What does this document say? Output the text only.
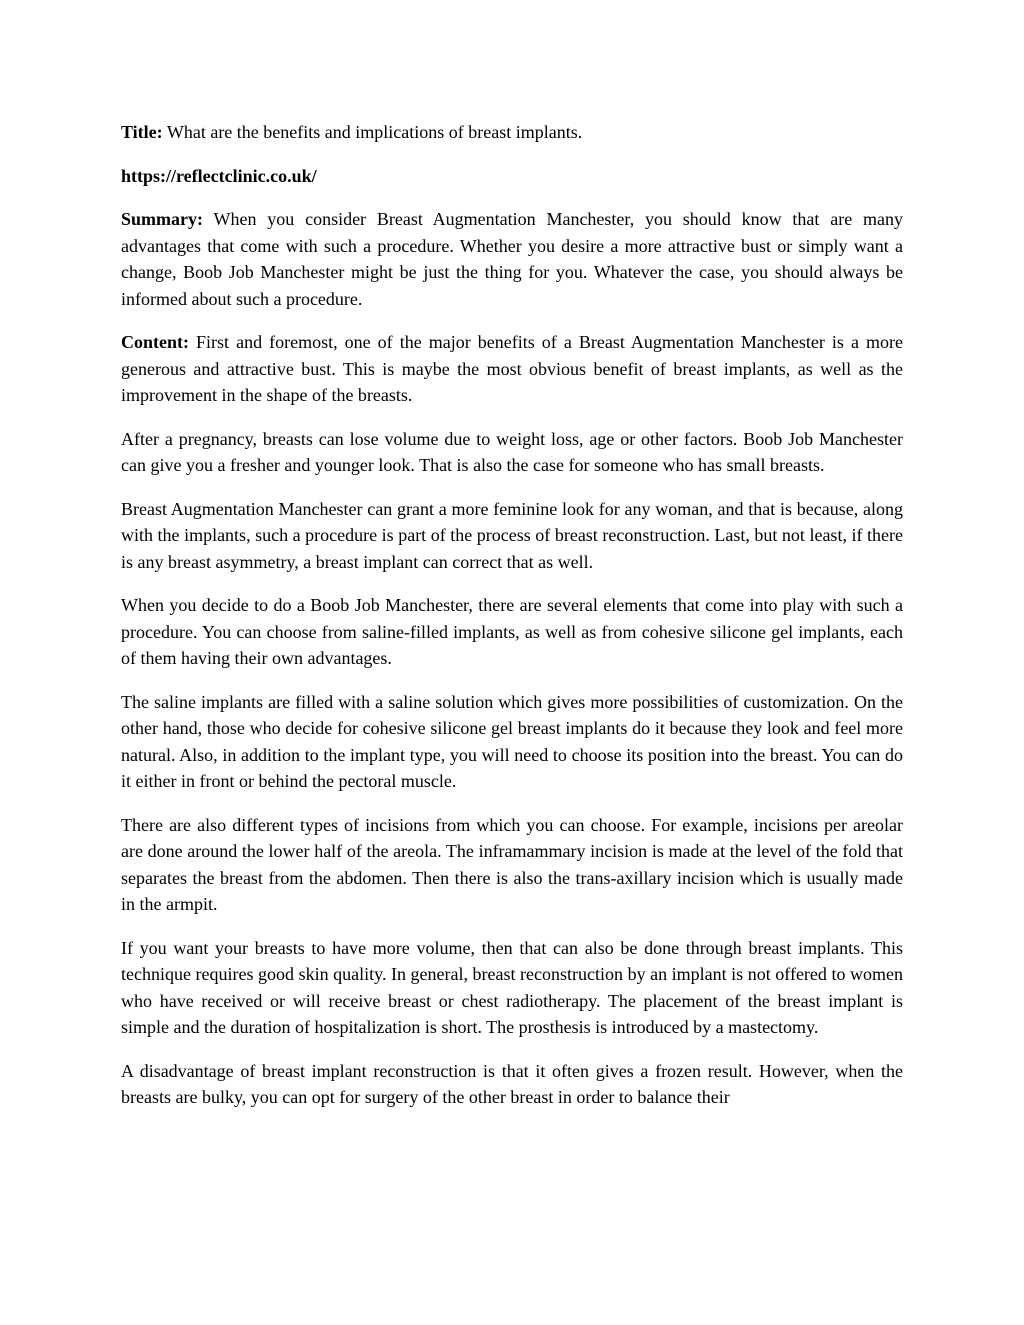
Title: What are the benefits and implications of breast implants.

https://reflectclinic.co.uk/

Summary: When you consider Breast Augmentation Manchester, you should know that are many advantages that come with such a procedure. Whether you desire a more attractive bust or simply want a change, Boob Job Manchester might be just the thing for you. Whatever the case, you should always be informed about such a procedure.

Content: First and foremost, one of the major benefits of a Breast Augmentation Manchester is a more generous and attractive bust. This is maybe the most obvious benefit of breast implants, as well as the improvement in the shape of the breasts.

After a pregnancy, breasts can lose volume due to weight loss, age or other factors. Boob Job Manchester can give you a fresher and younger look. That is also the case for someone who has small breasts.

Breast Augmentation Manchester can grant a more feminine look for any woman, and that is because, along with the implants, such a procedure is part of the process of breast reconstruction. Last, but not least, if there is any breast asymmetry, a breast implant can correct that as well.

When you decide to do a Boob Job Manchester, there are several elements that come into play with such a procedure. You can choose from saline-filled implants, as well as from cohesive silicone gel implants, each of them having their own advantages.

The saline implants are filled with a saline solution which gives more possibilities of customization. On the other hand, those who decide for cohesive silicone gel breast implants do it because they look and feel more natural. Also, in addition to the implant type, you will need to choose its position into the breast. You can do it either in front or behind the pectoral muscle.

There are also different types of incisions from which you can choose. For example, incisions per areolar are done around the lower half of the areola. The inframammary incision is made at the level of the fold that separates the breast from the abdomen. Then there is also the trans-axillary incision which is usually made in the armpit.

If you want your breasts to have more volume, then that can also be done through breast implants. This technique requires good skin quality. In general, breast reconstruction by an implant is not offered to women who have received or will receive breast or chest radiotherapy. The placement of the breast implant is simple and the duration of hospitalization is short. The prosthesis is introduced by a mastectomy.

A disadvantage of breast implant reconstruction is that it often gives a frozen result. However, when the breasts are bulky, you can opt for surgery of the other breast in order to balance their
